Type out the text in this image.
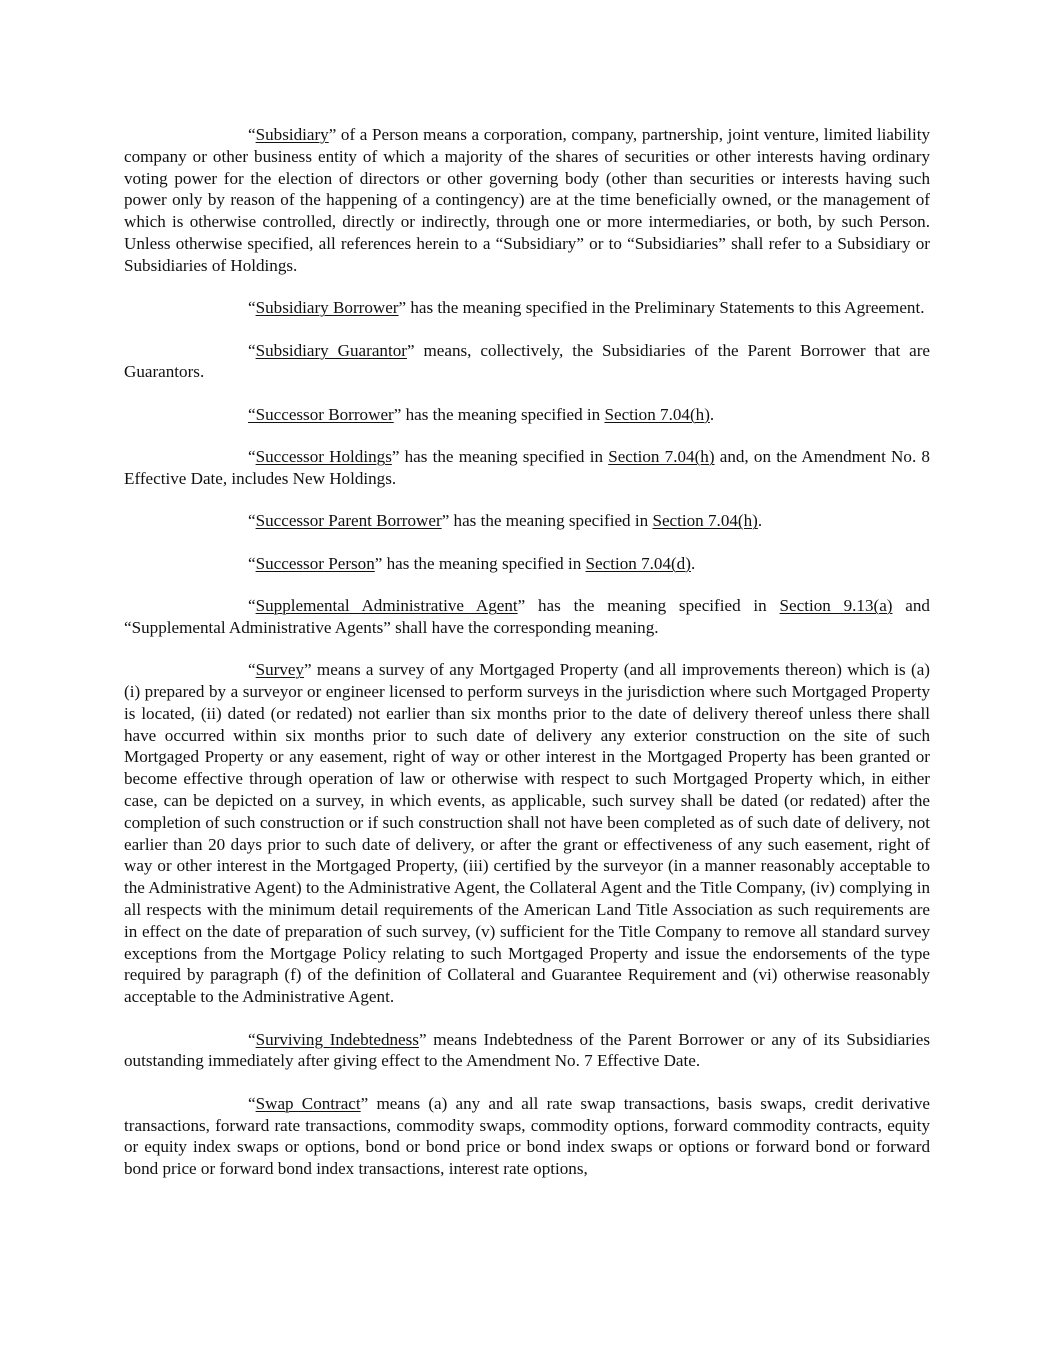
“Subsidiary” of a Person means a corporation, company, partnership, joint venture, limited liability company or other business entity of which a majority of the shares of securities or other interests having ordinary voting power for the election of directors or other governing body (other than securities or interests having such power only by reason of the happening of a contingency) are at the time beneficially owned, or the management of which is otherwise controlled, directly or indirectly, through one or more intermediaries, or both, by such Person. Unless otherwise specified, all references herein to a “Subsidiary” or to “Subsidiaries” shall refer to a Subsidiary or Subsidiaries of Holdings.

“Subsidiary Borrower” has the meaning specified in the Preliminary Statements to this Agreement.

“Subsidiary Guarantor” means, collectively, the Subsidiaries of the Parent Borrower that are Guarantors.

“Successor Borrower” has the meaning specified in Section 7.04(h).

“Successor Holdings” has the meaning specified in Section 7.04(h) and, on the Amendment No. 8 Effective Date, includes New Holdings.

“Successor Parent Borrower” has the meaning specified in Section 7.04(h).

“Successor Person” has the meaning specified in Section 7.04(d).

“Supplemental Administrative Agent” has the meaning specified in Section 9.13(a) and “Supplemental Administrative Agents” shall have the corresponding meaning.

“Survey” means a survey of any Mortgaged Property (and all improvements thereon) which is (a) (i) prepared by a surveyor or engineer licensed to perform surveys in the jurisdiction where such Mortgaged Property is located, (ii) dated (or redated) not earlier than six months prior to the date of delivery thereof unless there shall have occurred within six months prior to such date of delivery any exterior construction on the site of such Mortgaged Property or any easement, right of way or other interest in the Mortgaged Property has been granted or become effective through operation of law or otherwise with respect to such Mortgaged Property which, in either case, can be depicted on a survey, in which events, as applicable, such survey shall be dated (or redated) after the completion of such construction or if such construction shall not have been completed as of such date of delivery, not earlier than 20 days prior to such date of delivery, or after the grant or effectiveness of any such easement, right of way or other interest in the Mortgaged Property, (iii) certified by the surveyor (in a manner reasonably acceptable to the Administrative Agent) to the Administrative Agent, the Collateral Agent and the Title Company, (iv) complying in all respects with the minimum detail requirements of the American Land Title Association as such requirements are in effect on the date of preparation of such survey, (v) sufficient for the Title Company to remove all standard survey exceptions from the Mortgage Policy relating to such Mortgaged Property and issue the endorsements of the type required by paragraph (f) of the definition of Collateral and Guarantee Requirement and (vi) otherwise reasonably acceptable to the Administrative Agent.

“Surviving Indebtedness” means Indebtedness of the Parent Borrower or any of its Subsidiaries outstanding immediately after giving effect to the Amendment No. 7 Effective Date.

“Swap Contract” means (a) any and all rate swap transactions, basis swaps, credit derivative transactions, forward rate transactions, commodity swaps, commodity options, forward commodity contracts, equity or equity index swaps or options, bond or bond price or bond index swaps or options or forward bond or forward bond price or forward bond index transactions, interest rate options,
